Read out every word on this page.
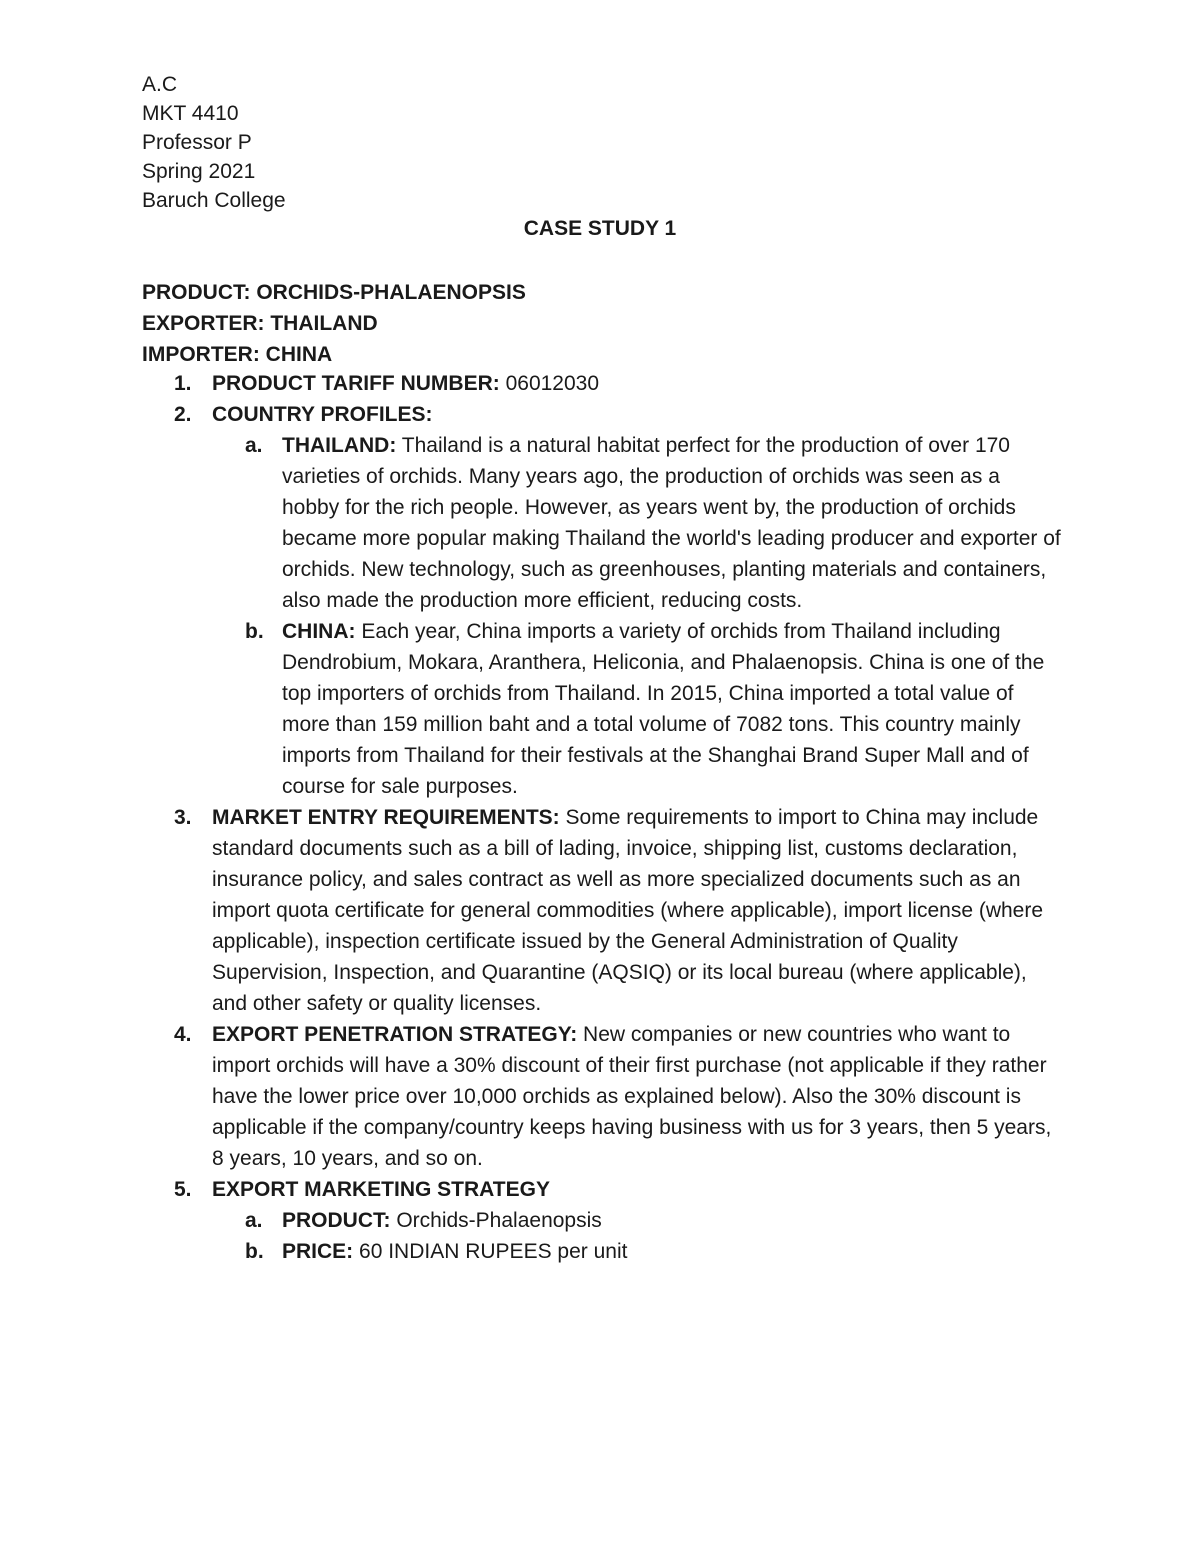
A.C
MKT 4410
Professor P
Spring 2021
Baruch College
CASE STUDY 1
PRODUCT: ORCHIDS-PHALAENOPSIS
EXPORTER: THAILAND
IMPORTER: CHINA
1. PRODUCT TARIFF NUMBER: 06012030
2. COUNTRY PROFILES:
a. THAILAND: Thailand is a natural habitat perfect for the production of over 170 varieties of orchids. Many years ago, the production of orchids was seen as a hobby for the rich people. However, as years went by, the production of orchids became more popular making Thailand the world's leading producer and exporter of orchids. New technology, such as greenhouses, planting materials and containers, also made the production more efficient, reducing costs.
b. CHINA: Each year, China imports a variety of orchids from Thailand including Dendrobium, Mokara, Aranthera, Heliconia, and Phalaenopsis. China is one of the top importers of orchids from Thailand. In 2015, China imported a total value of more than 159 million baht and a total volume of 7082 tons. This country mainly imports from Thailand for their festivals at the Shanghai Brand Super Mall and of course for sale purposes.
3. MARKET ENTRY REQUIREMENTS: Some requirements to import to China may include standard documents such as a bill of lading, invoice, shipping list, customs declaration, insurance policy, and sales contract as well as more specialized documents such as an import quota certificate for general commodities (where applicable), import license (where applicable), inspection certificate issued by the General Administration of Quality Supervision, Inspection, and Quarantine (AQSIQ) or its local bureau (where applicable), and other safety or quality licenses.
4. EXPORT PENETRATION STRATEGY: New companies or new countries who want to import orchids will have a 30% discount of their first purchase (not applicable if they rather have the lower price over 10,000 orchids as explained below). Also the 30% discount is applicable if the company/country keeps having business with us for 3 years, then 5 years, 8 years, 10 years, and so on.
5. EXPORT MARKETING STRATEGY
a. PRODUCT: Orchids-Phalaenopsis
b. PRICE: 60 INDIAN RUPEES per unit
